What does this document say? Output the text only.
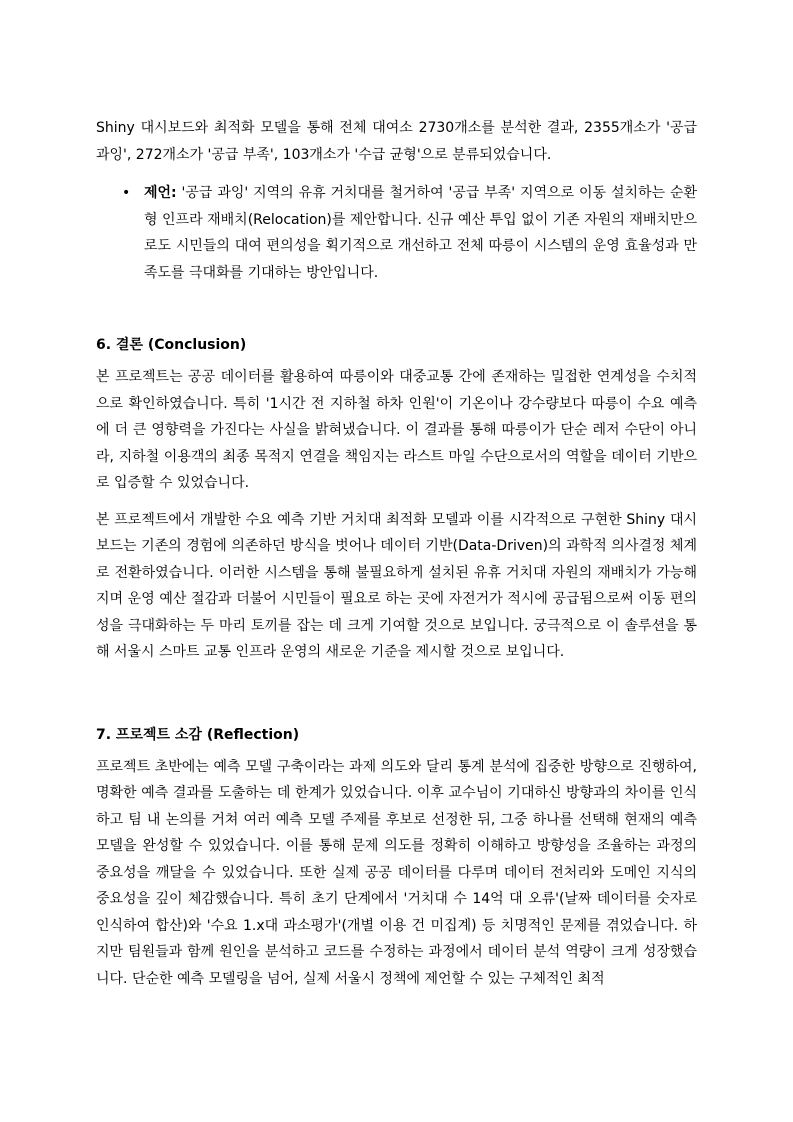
Shiny 대시보드와 최적화 모델을 통해 전체 대여소 2730개소를 분석한 결과, 2355개소가 '공급 과잉', 272개소가 '공급 부족', 103개소가 '수급 균형'으로 분류되었습니다.

• 제언: '공급 과잉' 지역의 유휴 거치대를 철거하여 '공급 부족' 지역으로 이동 설치하는 순환형 인프라 재배치(Relocation)를 제안합니다. 신규 예산 투입 없이 기존 자원의 재배치만으로도 시민들의 대여 편의성을 획기적으로 개선하고 전체 따릉이 시스템의 운영 효율성과 만족도를 극대화를 기대하는 방안입니다.
6. 결론 (Conclusion)

본 프로젝트는 공공 데이터를 활용하여 따릉이와 대중교통 간에 존재하는 밀접한 연계성을 수치적으로 확인하였습니다. 특히 '1시간 전 지하철 하차 인원'이 기온이나 강수량보다 따릉이 수요 예측에 더 큰 영향력을 가진다는 사실을 밝혀냈습니다. 이 결과를 통해 따릉이가 단순 레저 수단이 아니라, 지하철 이용객의 최종 목적지 연결을 책임지는 라스트 마일 수단으로서의 역할을 데이터 기반으로 입증할 수 있었습니다.

본 프로젝트에서 개발한 수요 예측 기반 거치대 최적화 모델과 이를 시각적으로 구현한 Shiny 대시보드는 기존의 경험에 의존하던 방식을 벗어나 데이터 기반(Data-Driven)의 과학적 의사결정 체계로 전환하였습니다. 이러한 시스템을 통해 불필요하게 설치된 유휴 거치대 자원의 재배치가 가능해지며 운영 예산 절감과 더불어 시민들이 필요로 하는 곳에 자전거가 적시에 공급됨으로써 이동 편의성을 극대화하는 두 마리 토끼를 잡는 데 크게 기여할 것으로 보입니다. 궁극적으로 이 솔루션을 통해 서울시 스마트 교통 인프라 운영의 새로운 기준을 제시할 것으로 보입니다.

7. 프로젝트 소감 (Reflection)

프로젝트 초반에는 예측 모델 구축이라는 과제 의도와 달리 통계 분석에 집중한 방향으로 진행하여, 명확한 예측 결과를 도출하는 데 한계가 있었습니다. 이후 교수님이 기대하신 방향과의 차이를 인식하고 팀 내 논의를 거쳐 여러 예측 모델 주제를 후보로 선정한 뒤, 그중 하나를 선택해 현재의 예측 모델을 완성할 수 있었습니다. 이를 통해 문제 의도를 정확히 이해하고 방향성을 조율하는 과정의 중요성을 깨달을 수 있었습니다. 또한 실제 공공 데이터를 다루며 데이터 전처리와 도메인 지식의 중요성을 깊이 체감했습니다. 특히 초기 단계에서 '거치대 수 14억 대 오류'(날짜 데이터를 숫자로 인식하여 합산)와 '수요 1.x대 과소평가'(개별 이용 건 미집계) 등 치명적인 문제를 겪었습니다. 하지만 팀원들과 함께 원인을 분석하고 코드를 수정하는 과정에서 데이터 분석 역량이 크게 성장했습니다. 단순한 예측 모델링을 넘어, 실제 서울시 정책에 제언할 수 있는 구체적인 최적
